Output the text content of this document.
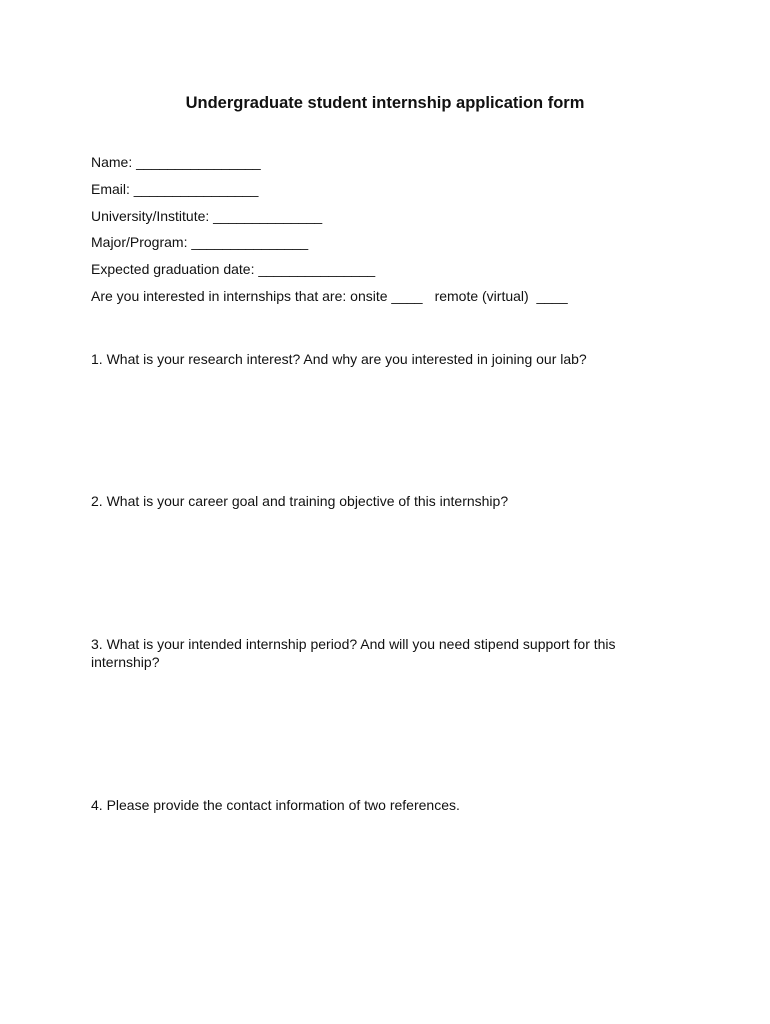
Undergraduate student internship application form
Name: ________________
Email: ________________
University/Institute: ______________
Major/Program: _______________
Expected graduation date: _______________
Are you interested in internships that are: onsite ____ remote (virtual)  ____
1. What is your research interest? And why are you interested in joining our lab?
2. What is your career goal and training objective of this internship?
3. What is your intended internship period? And will you need stipend support for this internship?
4. Please provide the contact information of two references.
